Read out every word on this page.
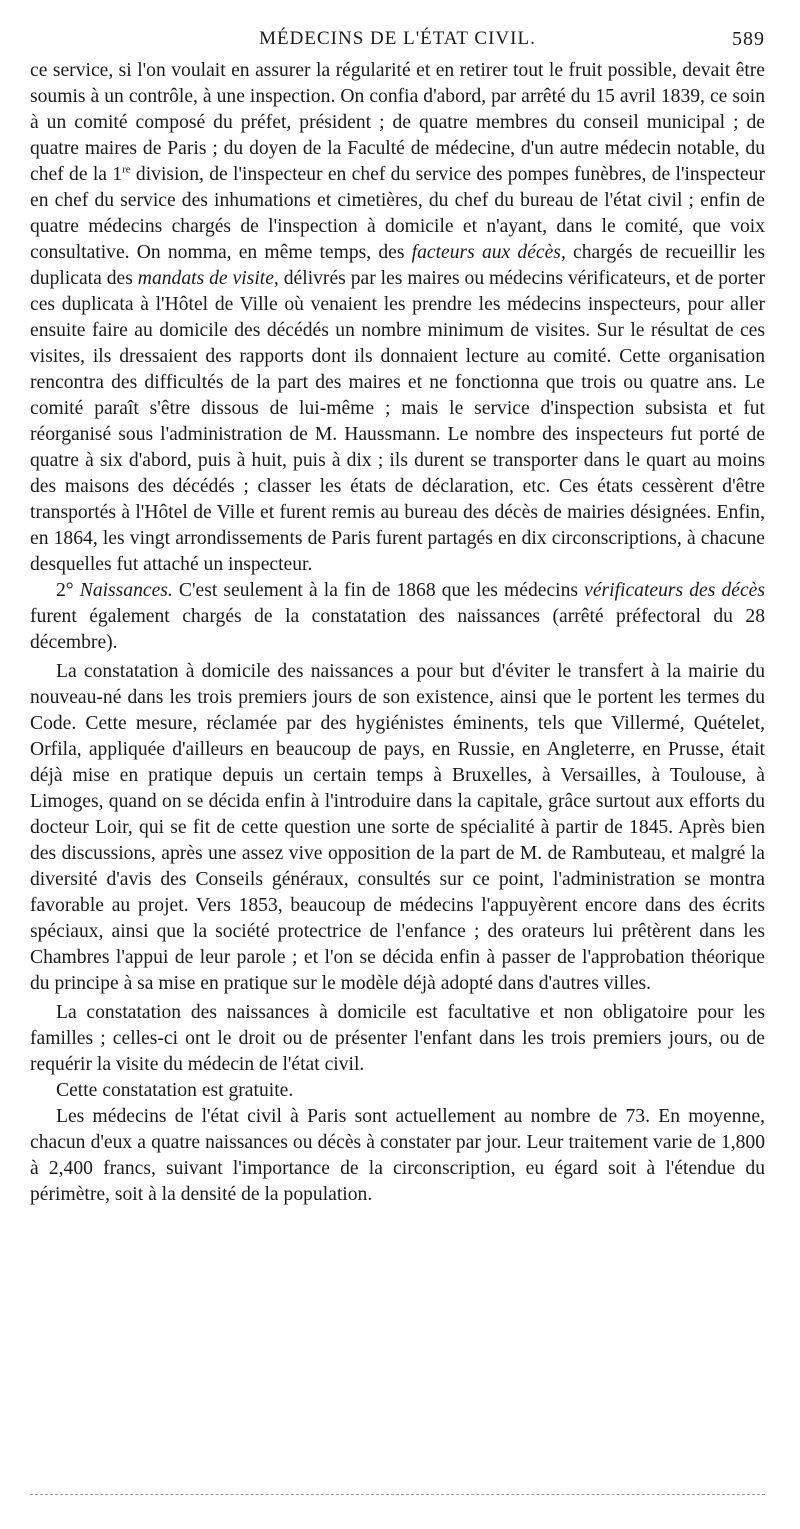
MÉDECINS DE L'ÉTAT CIVIL.	589

ce service, si l'on voulait en assurer la régularité et en retirer tout le fruit possible, devait être soumis à un contrôle, à une inspection. On confia d'abord, par arrêté du 15 avril 1839, ce soin à un comité composé du préfet, président ; de quatre membres du conseil municipal ; de quatre maires de Paris ; du doyen de la Faculté de médecine, d'un autre médecin notable, du chef de la 1re division, de l'inspecteur en chef du service des pompes funèbres, de l'inspecteur en chef du service des inhumations et cimetières, du chef du bureau de l'état civil ; enfin de quatre médecins chargés de l'inspection à domicile et n'ayant, dans le comité, que voix consultative. On nomma, en même temps, des facteurs aux décès, chargés de recueillir les duplicata des mandats de visite, délivrés par les maires ou médecins vérificateurs, et de porter ces duplicata à l'Hôtel de Ville où venaient les prendre les médecins inspecteurs, pour aller ensuite faire au domicile des décédés un nombre minimum de visites. Sur le résultat de ces visites, ils dressaient des rapports dont ils donnaient lecture au comité. Cette organisation rencontra des difficultés de la part des maires et ne fonctionna que trois ou quatre ans. Le comité paraît s'être dissous de lui-même ; mais le service d'inspection subsista et fut réorganisé sous l'administration de M. Haussmann. Le nombre des inspecteurs fut porté de quatre à six d'abord, puis à huit, puis à dix ; ils durent se transporter dans le quart au moins des maisons des décédés ; classer les états de déclaration, etc. Ces états cessèrent d'être transportés à l'Hôtel de Ville et furent remis au bureau des décès de mairies désignées. Enfin, en 1864, les vingt arrondissements de Paris furent partagés en dix circonscriptions, à chacune desquelles fut attaché un inspecteur.

2° Naissances. C'est seulement à la fin de 1868 que les médecins vérificateurs des décès furent également chargés de la constatation des naissances (arrêté préfectoral du 28 décembre).

La constatation à domicile des naissances a pour but d'éviter le transfert à la mairie du nouveau-né dans les trois premiers jours de son existence, ainsi que le portent les termes du Code. Cette mesure, réclamée par des hygiénistes éminents, tels que Villermé, Quételet, Orfila, appliquée d'ailleurs en beaucoup de pays, en Russie, en Angleterre, en Prusse, était déjà mise en pratique depuis un certain temps à Bruxelles, à Versailles, à Toulouse, à Limoges, quand on se décida enfin à l'introduire dans la capitale, grâce surtout aux efforts du docteur Loir, qui se fit de cette question une sorte de spécialité à partir de 1845. Après bien des discussions, après une assez vive opposition de la part de M. de Rambuteau, et malgré la diversité d'avis des Conseils généraux, consultés sur ce point, l'administration se montra favorable au projet. Vers 1853, beaucoup de médecins l'appuyèrent encore dans des écrits spéciaux, ainsi que la société protectrice de l'enfance ; des orateurs lui prêtèrent dans les Chambres l'appui de leur parole ; et l'on se décida enfin à passer de l'approbation théorique du principe à sa mise en pratique sur le modèle déjà adopté dans d'autres villes.

La constatation des naissances à domicile est facultative et non obligatoire pour les familles ; celles-ci ont le droit ou de présenter l'enfant dans les trois premiers jours, ou de requérir la visite du médecin de l'état civil.

Cette constatation est gratuite.

Les médecins de l'état civil à Paris sont actuellement au nombre de 73. En moyenne, chacun d'eux a quatre naissances ou décès à constater par jour. Leur traitement varie de 1,800 à 2,400 francs, suivant l'importance de la circonscription, eu égard soit à l'étendue du périmètre, soit à la densité de la population.
